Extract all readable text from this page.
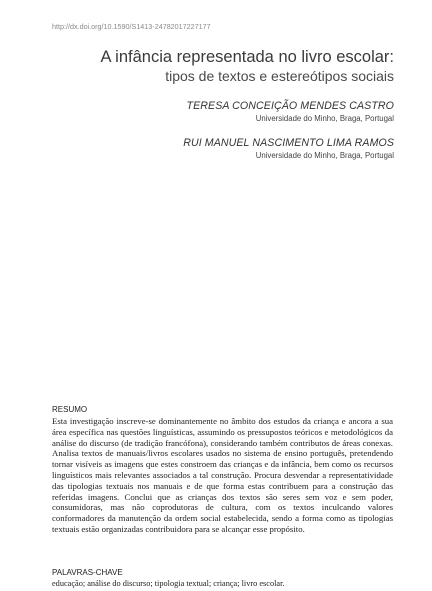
http://dx.doi.org/10.1590/S1413-24782017227177
A infância representada no livro escolar:
tipos de textos e estereótipos sociais
TERESA CONCEIÇÃO MENDES CASTRO
Universidade do Minho, Braga, Portugal
RUI MANUEL NASCIMENTO LIMA RAMOS
Universidade do Minho, Braga, Portugal
RESUMO

Esta investigação inscreve-se dominantemente no âmbito dos estudos da criança e ancora a sua área específica nas questões linguísticas, assumindo os pressupostos teóricos e metodológicos da análise do discurso (de tradição francófona), considerando também contributos de áreas conexas. Analisa textos de manuais/livros escolares usados no sistema de ensino português, pretendendo tornar visíveis as imagens que estes constroem das crianças e da infância, bem como os recursos linguísticos mais relevantes associados a tal construção. Procura desvendar a representatividade das tipologias textuais nos manuais e de que forma estas contribuem para a construção das referidas imagens. Conclui que as crianças dos textos são seres sem voz e sem poder, consumidoras, mas não coprodutoras de cultura, com os textos inculcando valores conformadores da manutenção da ordem social estabelecida, sendo a forma como as tipologias textuais estão organizadas contribuidora para se alcançar esse propósito.

PALAVRAS-CHAVE
educação; análise do discurso; tipologia textual; criança; livro escolar.
